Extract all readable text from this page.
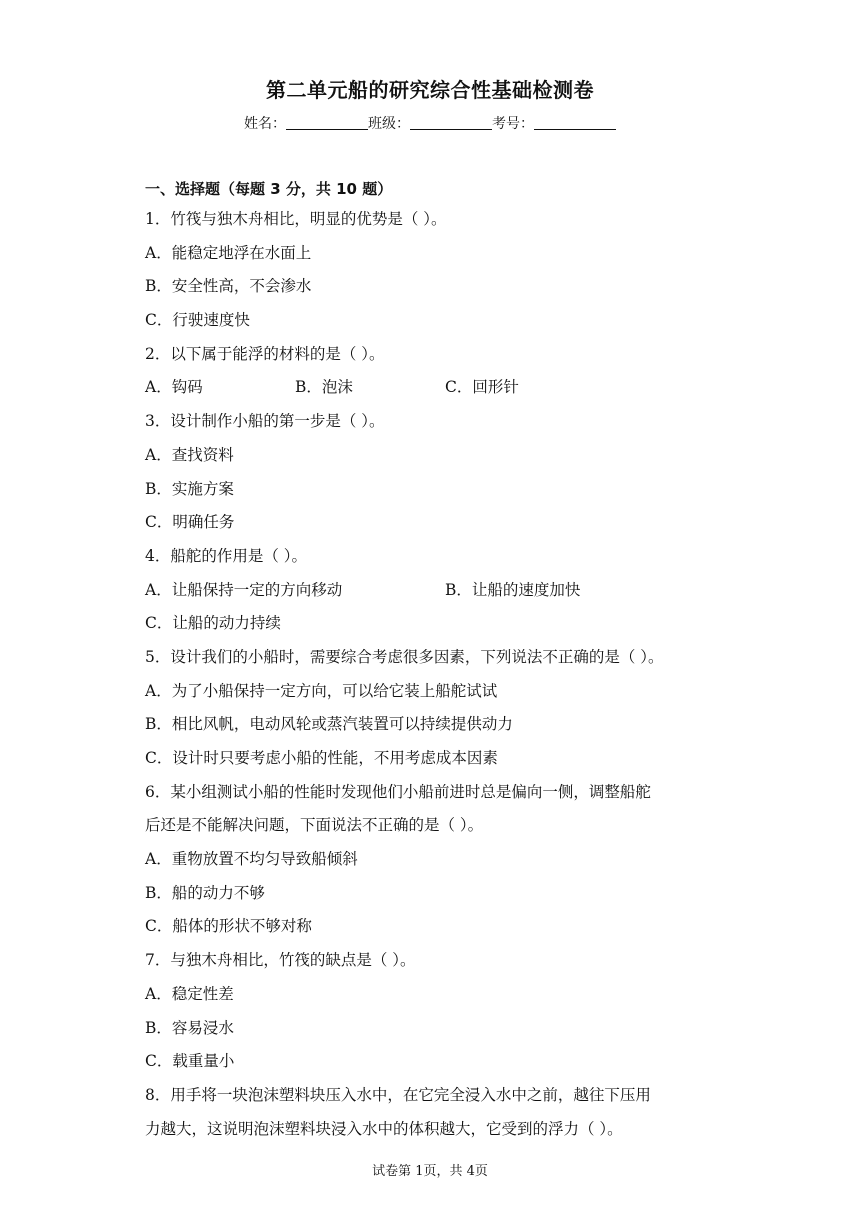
第二单元船的研究综合性基础检测卷
姓名：	班级：	考号：
一、选择题（每题 3 分，共 10 题）
1．竹筏与独木舟相比，明显的优势是（ ）。
A．能稳定地浮在水面上
B．安全性高，不会渗水
C．行驶速度快
2．以下属于能浮的材料的是（ ）。
A．钩码	B．泡沫	C．回形针
3．设计制作小船的第一步是（ ）。
A．查找资料
B．实施方案
C．明确任务
4．船舵的作用是（ ）。
A．让船保持一定的方向移动	B．让船的速度加快
C．让船的动力持续
5．设计我们的小船时，需要综合考虑很多因素，下列说法不正确的是（ ）。
A．为了小船保持一定方向，可以给它装上船舵试试
B．相比风帆，电动风轮或蒸汽装置可以持续提供动力
C．设计时只要考虑小船的性能，不用考虑成本因素
6．某小组测试小船的性能时发现他们小船前进时总是偏向一侧，调整船舵
后还是不能解决问题，下面说法不正确的是（ ）。
A．重物放置不均匀导致船倾斜
B．船的动力不够
C．船体的形状不够对称
7．与独木舟相比，竹筏的缺点是（ ）。
A．稳定性差
B．容易浸水
C．载重量小
8．用手将一块泡沫塑料块压入水中，在它完全浸入水中之前，越往下压用
力越大，这说明泡沫塑料块浸入水中的体积越大，它受到的浮力（ ）。
试卷第 1页，共 4页
